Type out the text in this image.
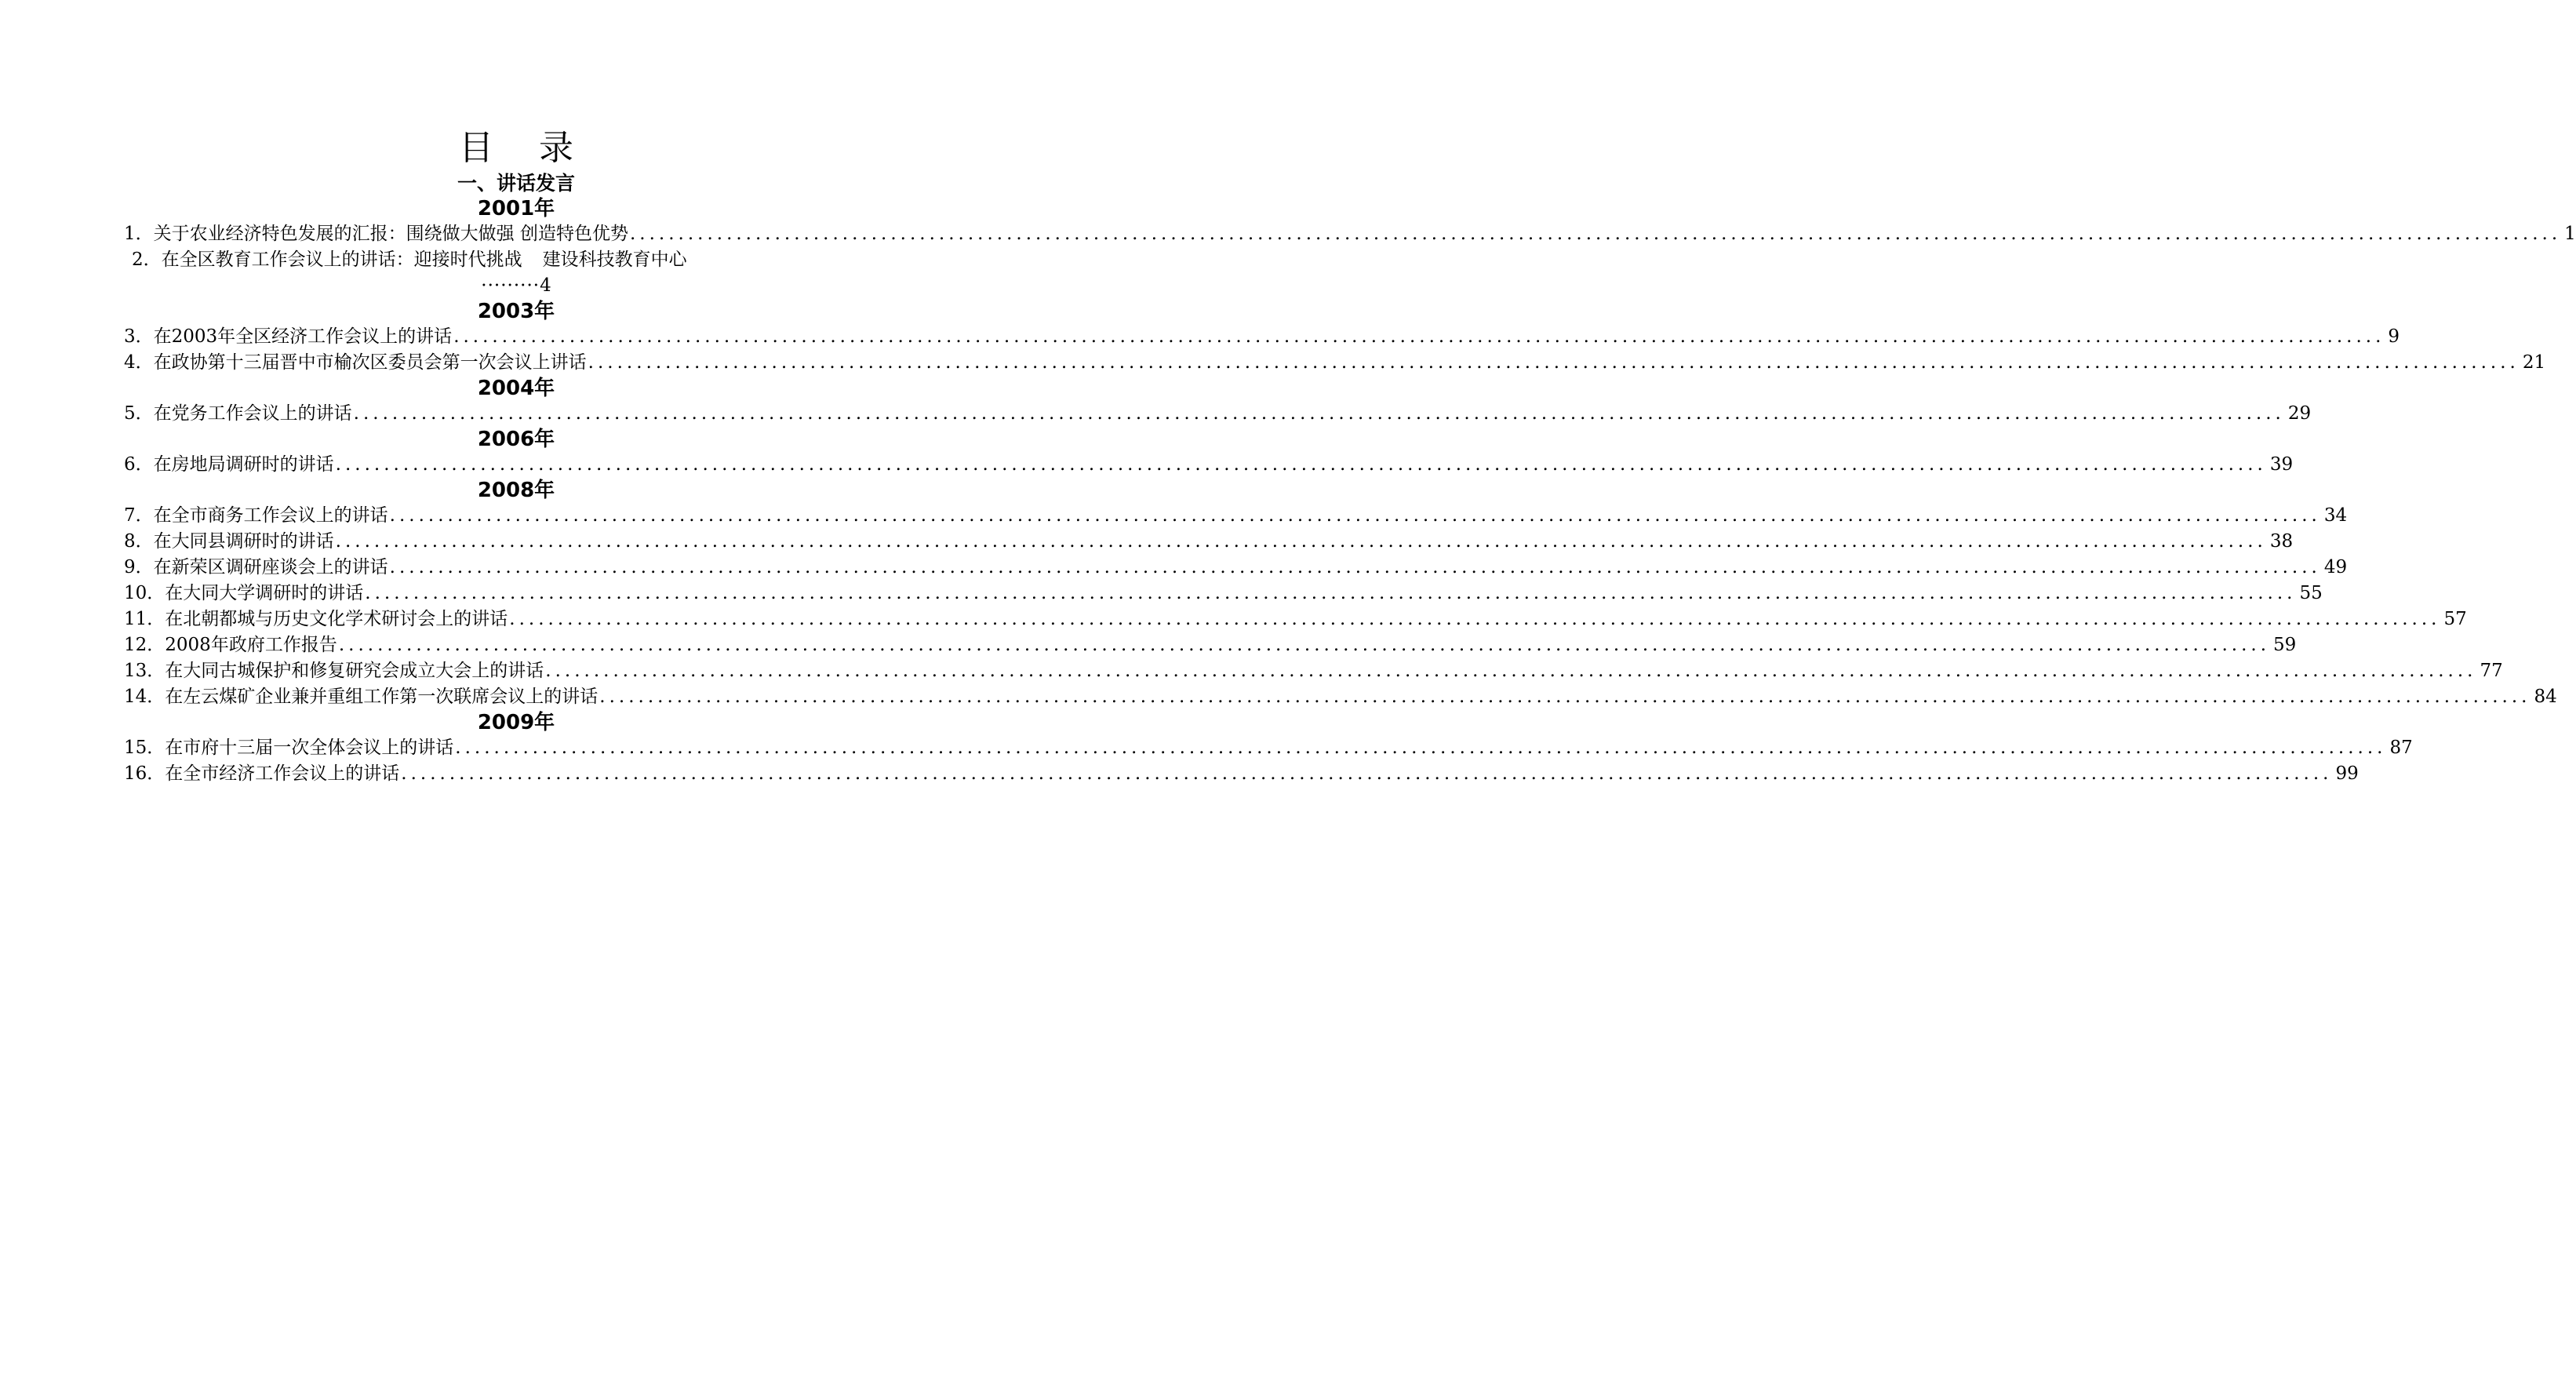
目 录
一、讲话发言
2001年
1． 关于农业经济特色发展的汇报：围绕做大做强 创造特色优势 ........................................................................................................................................................................................................ 1
2．在全区教育工作会议上的讲话：迎接时代挑战 建设科技教育中心
·········4
2003年
3． 在2003年全区经济工作会议上的讲话 ........................................................................................................................................................................................................ 9
4． 在政协第十三届晋中市榆次区委员会第一次会议上讲话 ........................................................................................................................................................................................................ 21
2004年
5． 在党务工作会议上的讲话 ........................................................................................................................................................................................................ 29
2006年
6． 在房地局调研时的讲话 ........................................................................................................................................................................................................ 39
2008年
7． 在全市商务工作会议上的讲话 ........................................................................................................................................................................................................ 34
8． 在大同县调研时的讲话 ........................................................................................................................................................................................................ 38
9． 在新荣区调研座谈会上的讲话 ........................................................................................................................................................................................................ 49
10． 在大同大学调研时的讲话 ........................................................................................................................................................................................................ 55
11． 在北朝都城与历史文化学术研讨会上的讲话 ........................................................................................................................................................................................................ 57
12． 2008年政府工作报告 ........................................................................................................................................................................................................ 59
13． 在大同古城保护和修复研究会成立大会上的讲话 ........................................................................................................................................................................................................ 77
14． 在左云煤矿企业兼并重组工作第一次联席会议上的讲话 ........................................................................................................................................................................................................ 84
2009年
15． 在市府十三届一次全体会议上的讲话 ........................................................................................................................................................................................................ 87
16． 在全市经济工作会议上的讲话 ........................................................................................................................................................................................................ 99
